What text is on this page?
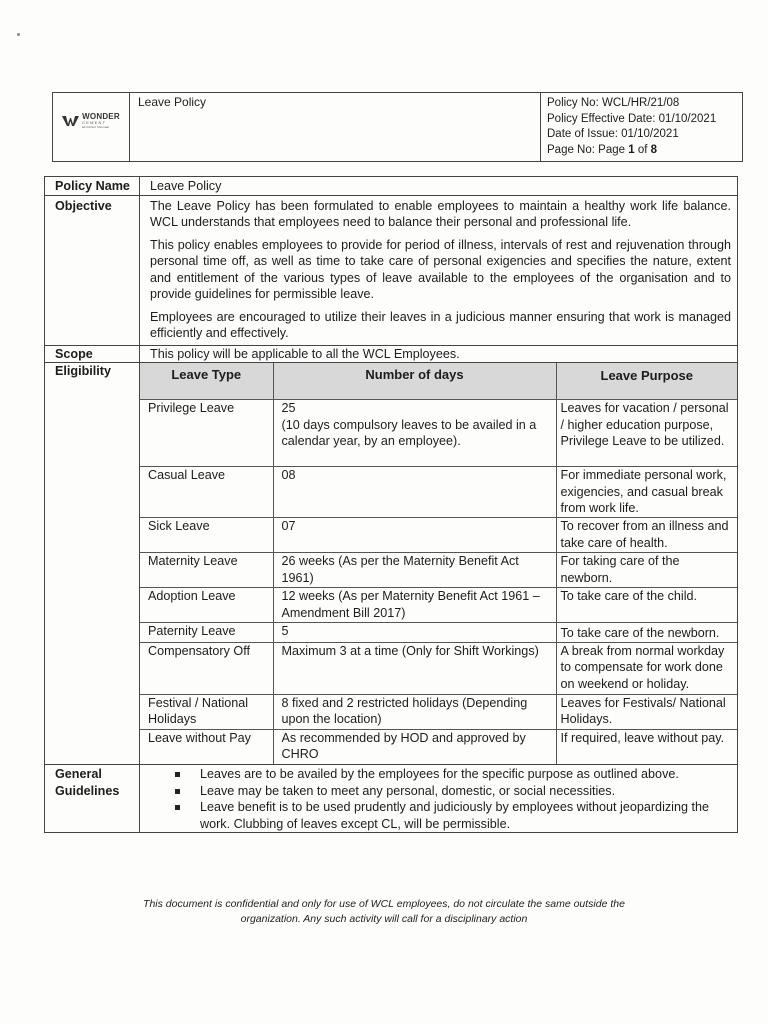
WONDER
CEMENT
Ek Perfect Shuruaat
	Leave Policy	Policy No: WCL/HR/21/08
Policy Effective Date: 01/10/2021
Date of Issue: 01/10/2021
Page No: Page 1 of 8
Policy Name	Leave Policy
Objective	The Leave Policy has been formulated to enable employees to maintain a healthy work life balance. WCL understands that employees need to balance their personal and professional life.

This policy enables employees to provide for period of illness, intervals of rest and rejuvenation through personal time off, as well as time to take care of personal exigencies and specifies the nature, extent and entitlement of the various types of leave available to the employees of the organisation and to provide guidelines for permissible leave.

Employees are encouraged to utilize their leaves in a judicious manner ensuring that work is managed efficiently and effectively.

Scope	This policy will be applicable to all the WCL Employees.
Eligibility		Leave Type	Number of days	Leave Purpose

Privilege Leave	25
(10 days compulsory leaves to be availed in a calendar year, by an employee).
	Leaves for vacation / personal / higher education purpose, Privilege Leave to be utilized.
Casual Leave	08	For immediate personal work, exigencies, and casual break from work life.
Sick Leave	07	To recover from an illness and take care of health.
Maternity Leave	26 weeks (As per the Maternity Benefit Act 1961)	For taking care of the newborn.
Adoption Leave	12 weeks (As per Maternity Benefit Act 1961 – Amendment Bill 2017)	To take care of the child.
Paternity Leave	5	To take care of the newborn.
Compensatory Off	Maximum 3 at a time (Only for Shift Workings)	A break from normal workday to compensate for work done on weekend or holiday.
Festival / National Holidays	8 fixed and 2 restricted holidays (Depending upon the location)	Leaves for Festivals/ National Holidays.
Leave without Pay	As recommended by HOD and approved by CHRO	If required, leave without pay.

General Guidelines	
Leaves are to be availed by the employees for the specific purpose as outlined above.
Leave may be taken to meet any personal, domestic, or social necessities.
Leave benefit is to be used prudently and judiciously by employees without jeopardizing the work. Clubbing of leaves except CL, will be permissible.
This document is confidential and only for use of WCL employees, do not circulate the same outside the
organization. Any such activity will call for a disciplinary action
